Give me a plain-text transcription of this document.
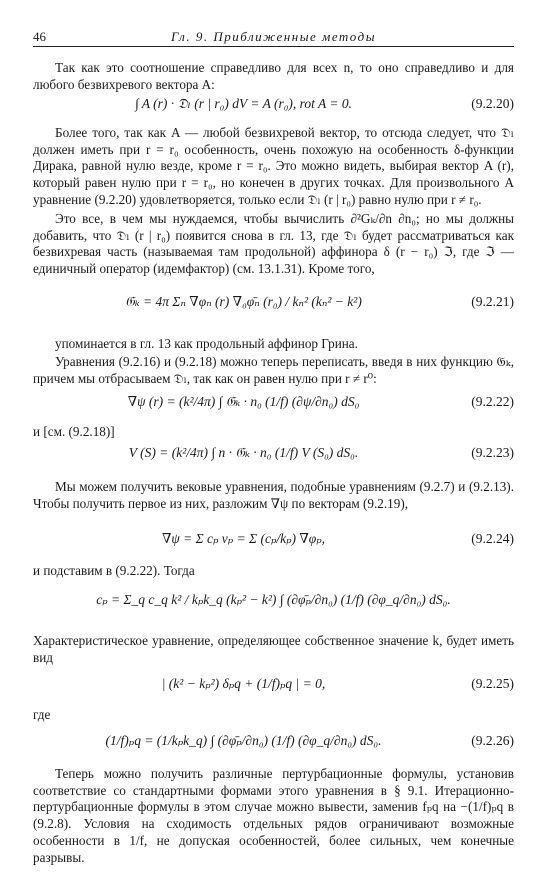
46	Гл. 9. Приближенные методы

Так как это соотношение справедливо для всех n, то оно справедливо и для любого безвихревого вектора A:

∫ A (r) · 𝔇ₗ (r | r₀) dV = A (r₀), rot A = 0.	(9.2.20)

Более того, так как A — любой безвихревой вектор, то отсюда следует, что 𝔇ₗ должен иметь при r = r₀ особенность, очень похожую на особенность δ-функции Дирака, равной нулю везде, кроме r = r₀. Это можно видеть, выбирая вектор A (r), который равен нулю при r = r₀, но конечен в других точках. Для произвольного A уравнение (9.2.20) удовлетворяется, только если 𝔇ₗ (r | r₀) равно нулю при r ≠ r₀.

Это все, в чем мы нуждаемся, чтобы вычислить ∂²Gₖ/∂n ∂n₀; но мы должны добавить, что 𝔇ₗ (r | r₀) появится снова в гл. 13, где 𝔇ₗ будет рассматриваться как безвихревая часть (называемая там продольной) аффинора δ (r − r₀) ℑ, где ℑ — единичный оператор (идемфактор) (см. 13.1.31). Кроме того,

𝔊ₖ = 4π Σₙ ∇φₙ (r) ∇₀φ̄ₙ (r₀) / kₙ² (kₙ² − k²)	(9.2.21)

упоминается в гл. 13 как продольный аффинор Грина.

Уравнения (9.2.16) и (9.2.18) можно теперь переписать, введя в них функцию 𝔊ₖ, причем мы отбрасываем 𝔇ₗ, так как он равен нулю при r ≠ r⁰:

∇ψ (r) = (k²/4π) ∫ 𝔊ₖ · n₀ (1/f) (∂ψ/∂n₀) dS₀	(9.2.22)
и [см. (9.2.18)]
V (S) = (k²/4π) ∫ n · 𝔊ₖ · n₀ (1/f) V (S₀) dS₀.	(9.2.23)

Мы можем получить вековые уравнения, подобные уравнениям (9.2.7) и (9.2.13). Чтобы получить первое из них, разложим ∇ψ по векторам (9.2.19),

∇ψ = Σ cₚ vₚ = Σ (cₚ/kₚ) ∇φₚ,	(9.2.24)
и подставим в (9.2.22). Тогда
cₚ = Σ_q c_q k² / kₚk_q (kₚ² − k²) ∫ (∂φ̄ₚ/∂n₀) (1/f) (∂φ_q/∂n₀) dS₀.

Характеристическое уравнение, определяющее собственное значение k, будет иметь вид

| (k² − kₚ²) δₚq + (1/f)ₚq | = 0,	(9.2.25)
где
(1/f)ₚq = (1/kₚk_q) ∫ (∂φ̄ₚ/∂n₀) (1/f) (∂φ_q/∂n₀) dS₀.	(9.2.26)

Теперь можно получить различные пертурбационные формулы, установив соответствие со стандартными формами этого уравнения в § 9.1. Итерационно-пертурбационные формулы в этом случае можно вывести, заменив fₚq на −(1/f)ₚq в (9.2.8). Условия на сходимость отдельных рядов ограничивают возможные особенности в 1/f, не допуская особенностей, более сильных, чем конечные разрывы.
